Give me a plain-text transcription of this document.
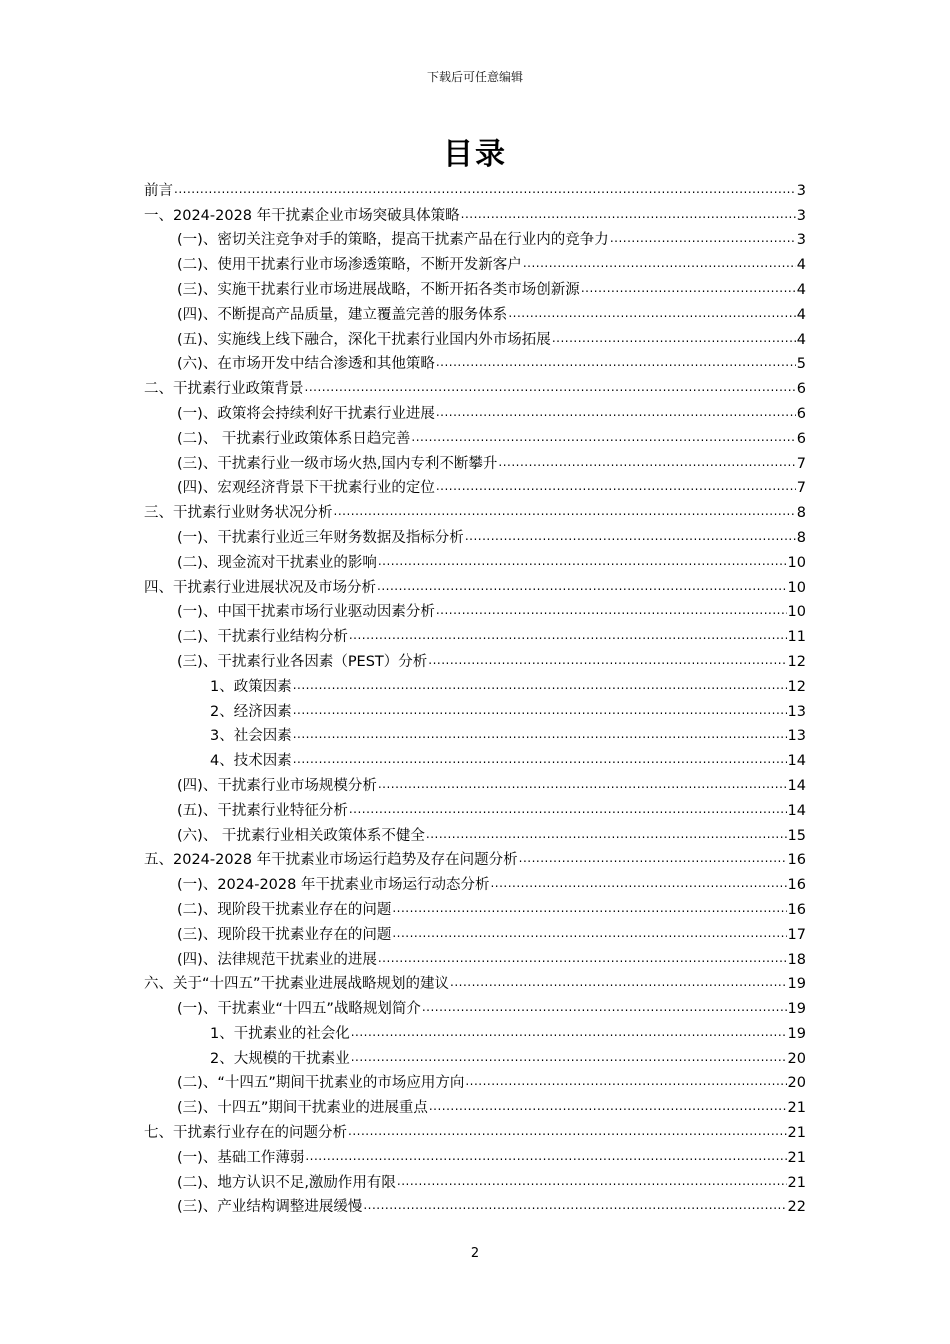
下载后可任意编辑
目录
前言 .....	3
一、2024-2028 年干扰素企业市场突破具体策略 .....	3
(一)、密切关注竞争对手的策略，提高干扰素产品在行业内的竞争力 .....	3
(二)、使用干扰素行业市场渗透策略，不断开发新客户 .....	4
(三)、实施干扰素行业市场进展战略，不断开拓各类市场创新源 .....	4
(四)、不断提高产品质量，建立覆盖完善的服务体系 .....	4
(五)、实施线上线下融合，深化干扰素行业国内外市场拓展 .....	4
(六)、在市场开发中结合渗透和其他策略 .....	5
二、干扰素行业政策背景 .....	6
(一)、政策将会持续利好干扰素行业进展 .....	6
(二)、 干扰素行业政策体系日趋完善 .....	6
(三)、干扰素行业一级市场火热,国内专利不断攀升 .....	7
(四)、宏观经济背景下干扰素行业的定位 .....	7
三、干扰素行业财务状况分析 .....	8
(一)、干扰素行业近三年财务数据及指标分析 .....	8
(二)、现金流对干扰素业的影响 .....	10
四、干扰素行业进展状况及市场分析 .....	10
(一)、中国干扰素市场行业驱动因素分析 .....	10
(二)、干扰素行业结构分析 .....	11
(三)、干扰素行业各因素（PEST）分析 .....	12
1、政策因素 .....	12
2、经济因素 .....	13
3、社会因素 .....	13
4、技术因素 .....	14
(四)、干扰素行业市场规模分析 .....	14
(五)、干扰素行业特征分析 .....	14
(六)、 干扰素行业相关政策体系不健全 .....	15
五、2024-2028 年干扰素业市场运行趋势及存在问题分析 .....	16
(一)、2024-2028 年干扰素业市场运行动态分析 .....	16
(二)、现阶段干扰素业存在的问题 .....	16
(三)、现阶段干扰素业存在的问题 .....	17
(四)、法律规范干扰素业的进展 .....	18
六、关于“十四五”干扰素业进展战略规划的建议 .....	19
(一)、干扰素业“十四五”战略规划简介 .....	19
1、干扰素业的社会化 .....	19
2、大规模的干扰素业 .....	20
(二)、“十四五”期间干扰素业的市场应用方向 .....	20
(三)、十四五”期间干扰素业的进展重点 .....	21
七、干扰素行业存在的问题分析 .....	21
(一)、基础工作薄弱 .....	21
(二)、地方认识不足,激励作用有限 .....	21
(三)、产业结构调整进展缓慢 .....	22
2
